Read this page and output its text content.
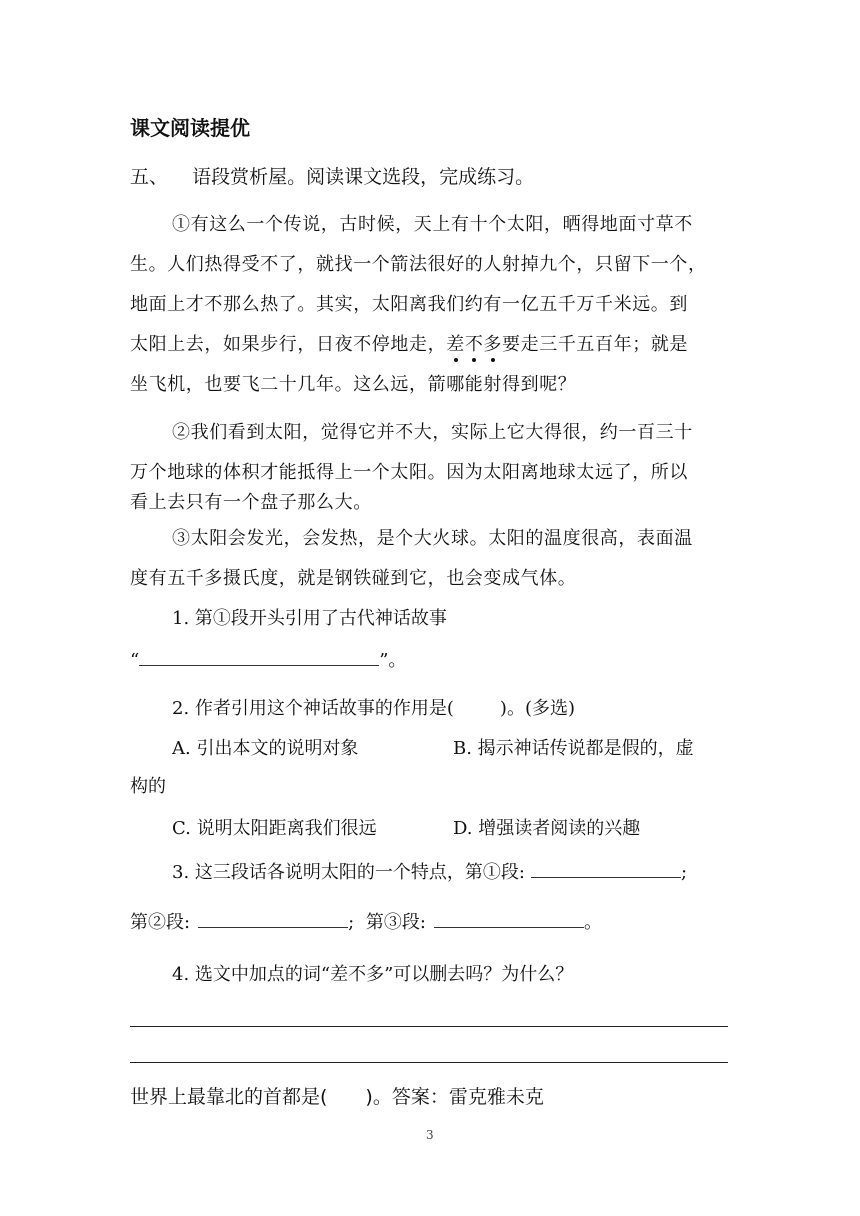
课文阅读提优
五、 语段赏析屋。阅读课文选段，完成练习。
①有这么一个传说，古时候，天上有十个太阳，晒得地面寸草不
生。人们热得受不了，就找一个箭法很好的人射掉九个，只留下一个，
地面上才不那么热了。其实，太阳离我们约有一亿五千万千米远。到
太阳上去，如果步行，日夜不停地走，差不多要走三千五百年；就是
坐飞机，也要飞二十几年。这么远，箭哪能射得到呢？
②我们看到太阳，觉得它并不大，实际上它大得很，约一百三十
万个地球的体积才能抵得上一个太阳。因为太阳离地球太远了，所以
看上去只有一个盘子那么大。
③太阳会发光，会发热，是个大火球。太阳的温度很高，表面温
度有五千多摄氏度，就是钢铁碰到它，也会变成气体。
1. 第①段开头引用了古代神话故事
“	”。
2. 作者引用这个神话故事的作用是(	)。(多选)
A. 引出本文的说明对象	B. 揭示神话传说都是假的，虚
构的
C. 说明太阳距离我们很远	D. 增强读者阅读的兴趣
3. 这三段话各说明太阳的一个特点，第①段:	;
第②段:	; 第③段:	。
4. 选文中加点的词“差不多”可以删去吗？为什么？
世界上最靠北的首都是(　　)。答案：雷克雅未克
3
